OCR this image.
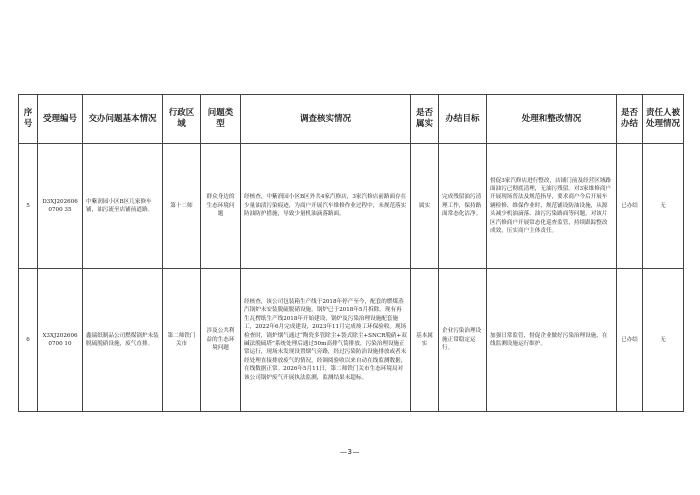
序号	受理编号	交办问题基本情况	行政区域	问题类型	调查核实情况	是否属实	办结目标	处理和整改情况	是否办结	责任人被处理情况
5	D3XJ2026060700 35	中紫润园小区B区几家修车铺，油污流至店铺前道路。	第十二师	群众身边的生态环境问题	经核查，中紫润园小区B区外共4家汽修店，3家汽修店前路面存在少量油渍污染痕迹，为商户开展汽车维修作业过程中，未规范落实防油防护措施，导致少量机油滴落路面。	属实	完成残留油污清理工作，保持路面常态化洁净。	督促3家汽修店进行整改，店铺门前及经营区域路面油污已彻底清理，无油污残留。对3家维修商户开展现场普法及规范指导，要求商户今后开展车辆检修、维保作业时，规范铺设防油设施，从源头减少机油滴落、油污污染路面等问题。对该片区汽修商户开展常态化巡查监管，持续跟踪整改成效，压实商户主体责任。	已办结	无
6	X3XJ2026060700 10	鑫瑞纸制品公司燃煤锅炉未装脱硫脱硝设施，废气直排。	第二师铁门关市	涉及公共利益的生态环境问题	经核查，该公司包装箱生产线于2018年停产至今，配套的燃煤蒸汽锅炉未安装脱硫脱硝设施，锅炉已于2018年5月拆除。现有再生瓦楞纸生产线2018年开始建设，锅炉及污染治理设施配套施工，2022年6月完成建设，2023年11月完成竣工环保验收。现场检查时，锅炉烟气通过“陶瓷多管除尘+袋式除尘+SNCR脱硝+双碱法脱硫塔”系统处理后通过50m高排气筒排放，污染治理设施正常运行，现场未发现设置烟气旁路，经过污染防治设施排放或者未经处理直接排放废气的情况，经调阅验收以来自动在线监测数据，在线数据正常。2026年5月11日，第二师铁门关市生态环境局对该公司锅炉废气开展执法监测，监测结果未超标。	基本属实	企业污染治理设施正常稳定运行。	加强日常监管，督促企业做好污染治理设施、在线监测设施运行维护。	已办结	无
—3—
